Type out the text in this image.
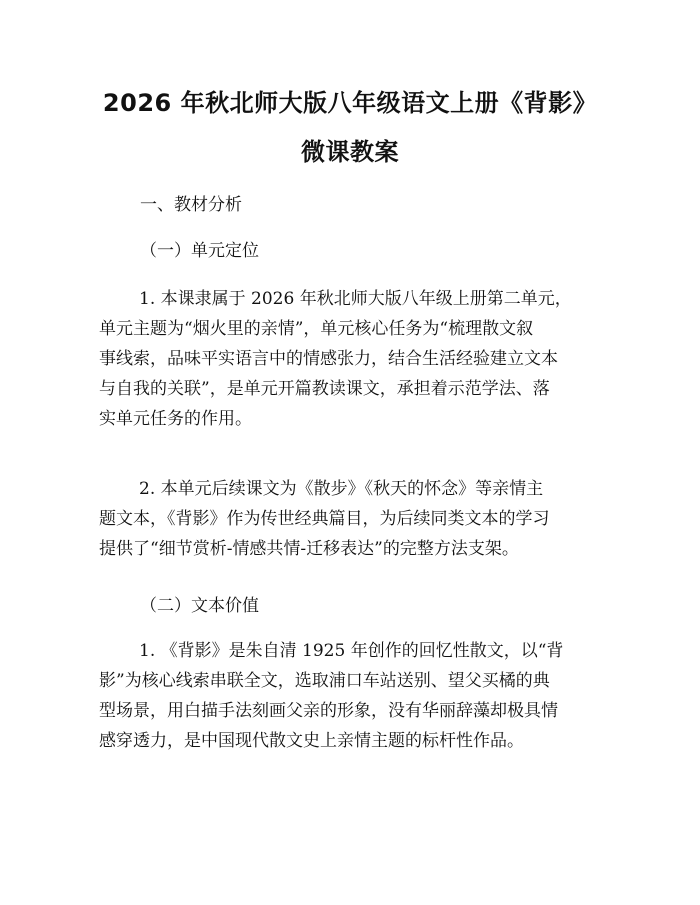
2026 年秋北师大版八年级语文上册《背影》
微课教案
一、教材分析
（一）单元定位
1. 本课隶属于 2026 年秋北师大版八年级上册第二单元，
单元主题为“烟火里的亲情”，单元核心任务为“梳理散文叙
事线索，品味平实语言中的情感张力，结合生活经验建立文本
与自我的关联”，是单元开篇教读课文，承担着示范学法、落
实单元任务的作用。
2. 本单元后续课文为《散步》《秋天的怀念》等亲情主
题文本，《背影》作为传世经典篇目，为后续同类文本的学习
提供了“细节赏析-情感共情-迁移表达”的完整方法支架。
（二）文本价值
1. 《背影》是朱自清 1925 年创作的回忆性散文，以“背
影”为核心线索串联全文，选取浦口车站送别、望父买橘的典
型场景，用白描手法刻画父亲的形象，没有华丽辞藻却极具情
感穿透力，是中国现代散文史上亲情主题的标杆性作品。
